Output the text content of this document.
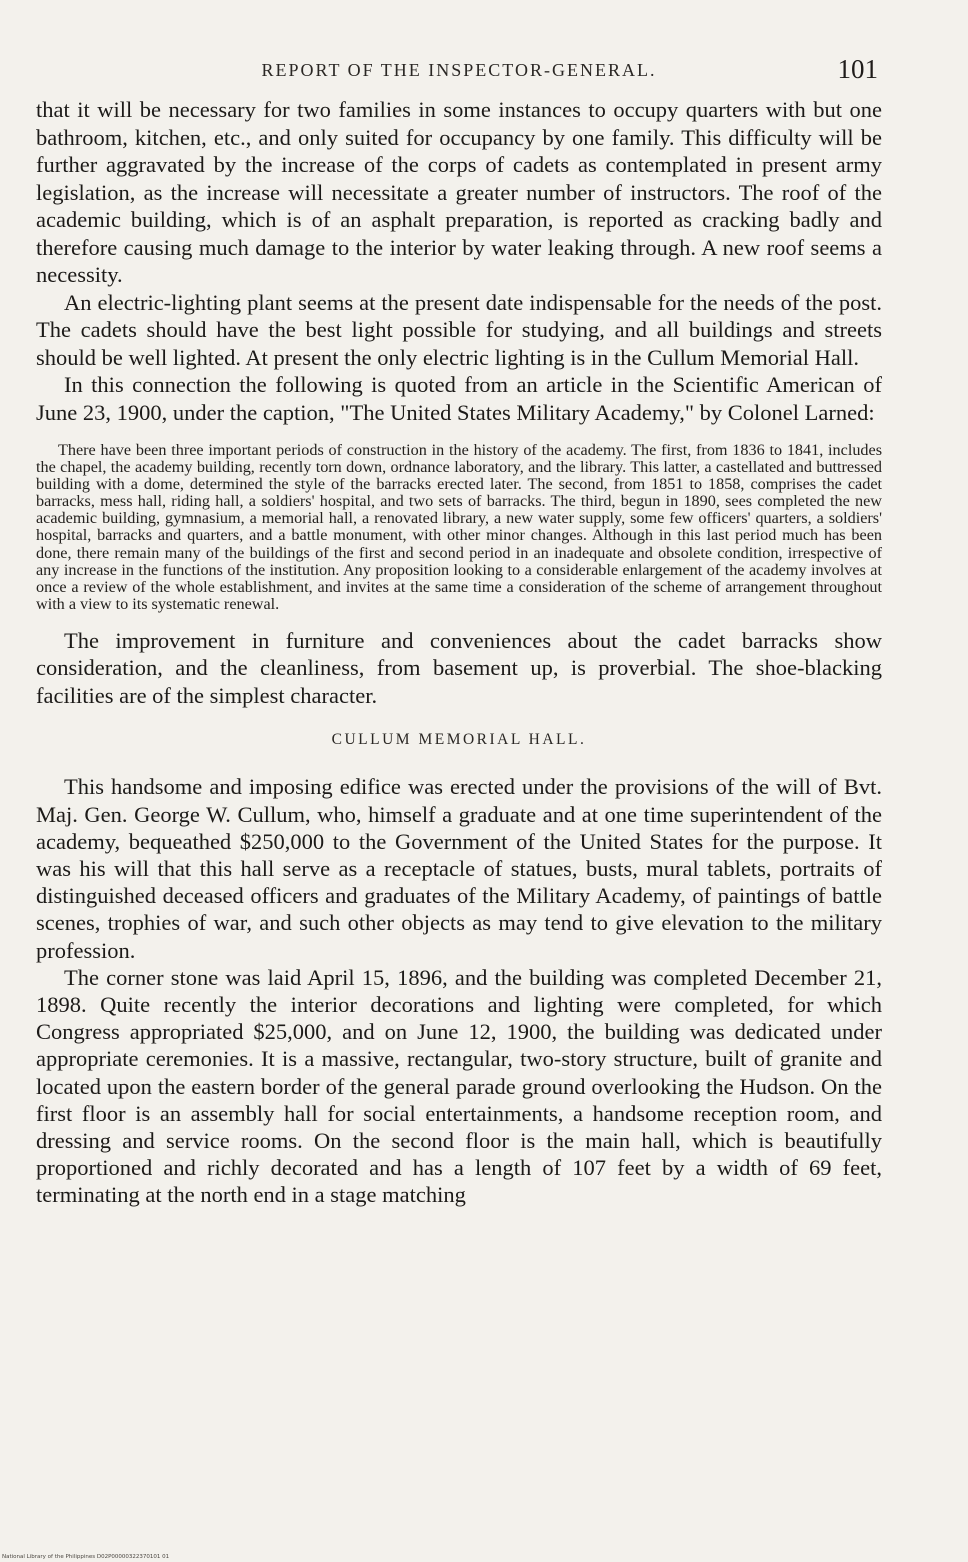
REPORT OF THE INSPECTOR-GENERAL.	101

that it will be necessary for two families in some instances to occupy quarters with but one bathroom, kitchen, etc., and only suited for occupancy by one family. This difficulty will be further aggravated by the increase of the corps of cadets as contemplated in present army legislation, as the increase will necessitate a greater number of instructors. The roof of the academic building, which is of an asphalt preparation, is reported as cracking badly and therefore causing much damage to the interior by water leaking through. A new roof seems a necessity.

An electric-lighting plant seems at the present date indispensable for the needs of the post. The cadets should have the best light possible for studying, and all buildings and streets should be well lighted. At present the only electric lighting is in the Cullum Memorial Hall.

In this connection the following is quoted from an article in the Scientific American of June 23, 1900, under the caption, "The United States Military Academy," by Colonel Larned:

There have been three important periods of construction in the history of the academy. The first, from 1836 to 1841, includes the chapel, the academy building, recently torn down, ordnance laboratory, and the library. This latter, a castellated and buttressed building with a dome, determined the style of the barracks erected later. The second, from 1851 to 1858, comprises the cadet barracks, mess hall, riding hall, a soldiers' hospital, and two sets of barracks. The third, begun in 1890, sees completed the new academic building, gymnasium, a memorial hall, a renovated library, a new water supply, some few officers' quarters, a soldiers' hospital, barracks and quarters, and a battle monument, with other minor changes. Although in this last period much has been done, there remain many of the buildings of the first and second period in an inadequate and obsolete condition, irrespective of any increase in the functions of the institution. Any proposition looking to a considerable enlargement of the academy involves at once a review of the whole establishment, and invites at the same time a consideration of the scheme of arrangement throughout with a view to its systematic renewal.

The improvement in furniture and conveniences about the cadet barracks show consideration, and the cleanliness, from basement up, is proverbial. The shoe-blacking facilities are of the simplest character.

CULLUM MEMORIAL HALL.

This handsome and imposing edifice was erected under the provisions of the will of Bvt. Maj. Gen. George W. Cullum, who, himself a graduate and at one time superintendent of the academy, bequeathed $250,000 to the Government of the United States for the purpose. It was his will that this hall serve as a receptacle of statues, busts, mural tablets, portraits of distinguished deceased officers and graduates of the Military Academy, of paintings of battle scenes, trophies of war, and such other objects as may tend to give elevation to the military profession.

The corner stone was laid April 15, 1896, and the building was completed December 21, 1898. Quite recently the interior decorations and lighting were completed, for which Congress appropriated $25,000, and on June 12, 1900, the building was dedicated under appropriate ceremonies. It is a massive, rectangular, two-story structure, built of granite and located upon the eastern border of the general parade ground overlooking the Hudson. On the first floor is an assembly hall for social entertainments, a handsome reception room, and dressing and service rooms. On the second floor is the main hall, which is beautifully proportioned and richly decorated and has a length of 107 feet by a width of 69 feet, terminating at the north end in a stage matching

National Library of the Philippines D02P00000322370101 01
